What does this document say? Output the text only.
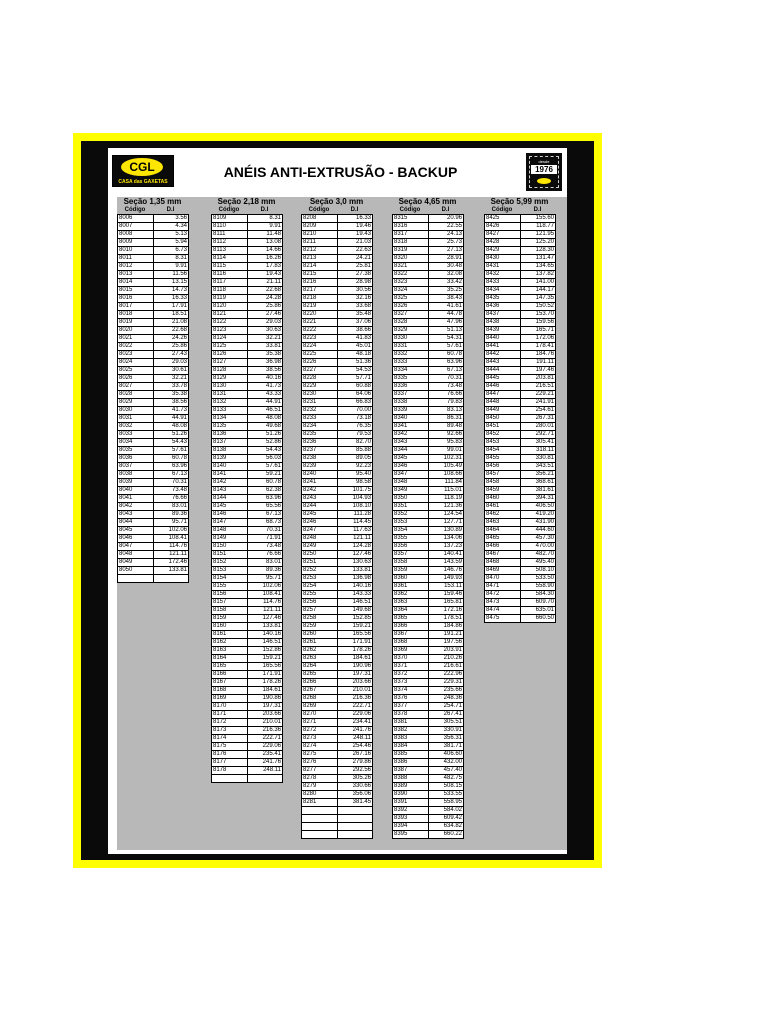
CGL
CASA das GAXETAS
ANÉIS ANTI-EXTRUSÃO - BACKUP
desde
1976
Seção 1,35 mm
Código	D.I
8006	3.56
8007	4.34
8008	5.13
8009	5.94
8010	6.73
8011	8.31
8012	9.91
8013	11.56
8014	13.15
8015	14.73
8016	16.33
8017	17.91
8018	18.51
8019	21.08
8020	22.68
8021	24.26
8022	25.86
8023	27.43
8024	29.03
8025	30.61
8026	32.21
8027	33.78
8028	35.38
8029	38.56
8030	41.73
8031	44.91
8032	48.08
8033	51.26
8034	54.43
8035	57.61
8036	60.78
8037	63.96
8038	67.13
8039	70.31
8040	73.48
8041	76.66
8042	83.01
8043	89.36
8044	95.71
8045	102.06
8046	108.41
8047	114.76
8048	121.11
8049	172.46
8050	133.81

Seção 2,18 mm
Código	D.I
8109	8.31
8110	9.91
8111	11.48
8112	13.08
8113	14.66
8114	16.26
8115	17.83
8116	19.43
8117	21.11
8118	22.68
8119	24.28
8120	25.86
8121	27.46
8122	29.03
8123	30.63
8124	32.21
8125	33.81
8126	35.38
8127	36.98
8128	38.56
8129	40.16
8130	41.73
8131	43.33
8132	44.91
8133	46.51
8134	48.08
8135	49.68
8136	51.26
8137	52.86
8138	54.43
8139	56.03
8140	57.61
8141	59.21
8142	60.78
8143	62.38
8144	63.96
8145	65.56
8146	67.13
8147	68.73
8148	70.31
8149	71.91
8150	73.48
8151	76.66
8152	83.01
8153	89.36
8154	95.71
8155	102.06
8156	108.41
8157	114.76
8158	121.11
8159	127.46
8160	133.81
8161	140.16
8162	146.51
8163	152.86
8164	159.21
8165	165.56
8166	171.91
8167	178.26
8168	184.61
8169	190.86
8170	197.31
8171	203.66
8172	210.01
8173	216.36
8174	222.71
8175	229.06
8176	235.41
8177	241.76
8178	248.11

Seção 3,0 mm
Código	D.I
8208	16.33
8209	19.46
8210	19.43
8211	21.03
8212	22.63
8213	24.21
8214	25.81
8215	27.38
8216	28.98
8217	30.56
8218	32.16
8219	33.68
8220	35.48
8221	37.06
8222	38.66
8223	41.83
8224	45.01
8225	48.18
8226	51.36
8227	54.53
8228	57.71
8229	60.88
8230	64.06
8231	66.83
8232	70.00
8233	73.18
8234	76.35
8235	79.53
8236	82.70
8237	85.88
8238	89.05
8239	92.23
8240	95.40
8241	98.58
8242	101.75
8243	104.93
8244	108.10
8245	111.28
8246	114.45
8247	117.63
8248	121.11
8249	124.28
8250	127.46
8251	130.63
8252	133.81
8253	136.98
8254	140.16
8255	143.33
8256	146.51
8257	149.68
8258	152.85
8259	159.21
8260	165.56
8261	171.91
8262	178.26
8263	184.61
8264	190.96
8265	197.31
8266	203.66
8267	210.01
8268	216.36
8269	222.71
8270	229.06
8271	234.41
8272	241.76
8273	248.11
8274	254.46
8275	267.16
8276	279.86
8277	292.56
8278	305.26
8279	330.66
8280	356.06
8281	381.45

Seção 4,65 mm
Código	D.I
8315	20.96
8316	22.55
8317	24.13
8318	25.73
8319	27.13
8320	28.91
8321	30.48
8322	32.08
8323	33.42
8324	35.25
8325	38.43
8326	41.61
8327	44.78
8328	47.96
8329	51.13
8330	54.31
8331	57.61
8332	60.78
8333	63.96
8334	67.13
8335	70.31
8336	73.48
8337	76.66
8338	79.83
8339	83.13
8340	86.31
8341	89.48
8342	92.66
8343	95.83
8344	99.01
8345	102.31
8346	105.49
8347	108.66
8348	111.84
8349	115.01
8350	118.19
8351	121.36
8352	124.54
8353	127.71
8354	130.89
8355	134.06
8356	137.23
8357	140.41
8358	143.59
8359	146.76
8360	149.93
8361	153.11
8362	159.46
8363	165.81
8364	172.16
8365	178.51
8366	184.86
8367	191.21
8368	197.56
8369	203.91
8370	210.26
8371	216.61
8372	222.96
8373	229.31
8374	235.66
8376	248.36
8377	254.71
8378	267.41
8381	305.51
8382	330.91
8383	356.31
8384	381.71
8385	406.60
8386	432.00
8387	457.40
8388	482.75
8389	508.15
8390	533.55
8391	558.95
8392	584.02
8393	609.42
8394	634.82
8395	660.22
Seção 5,99 mm
Código	D.I
8425	155.60
8426	118.77
8427	121.95
8428	125.20
8429	128.30
8430	131.47
8431	134.65
8432	137.82
8433	141.00
8434	144.17
8435	147.35
8436	150.52
8437	153.70
8438	159.56
8439	165.71
8440	172.06
8441	178.41
8442	184.76
8443	191.11
8444	197.46
8445	203.81
8446	216.51
8447	229.21
8448	241.91
8449	254.61
8450	267.31
8451	280.01
8452	292.71
8453	305.41
8454	318.11
8455	330.81
8456	343.51
8457	356.21
8458	368.61
8459	381.61
8460	394.31
8461	406.50
8462	419.20
8463	431.90
8464	444.60
8465	457.30
8466	470.00
8467	482.70
8468	495.40
8469	508.10
8470	533.50
8471	558.90
8472	584.30
8473	609.70
8474	635.01
8475	660.50
